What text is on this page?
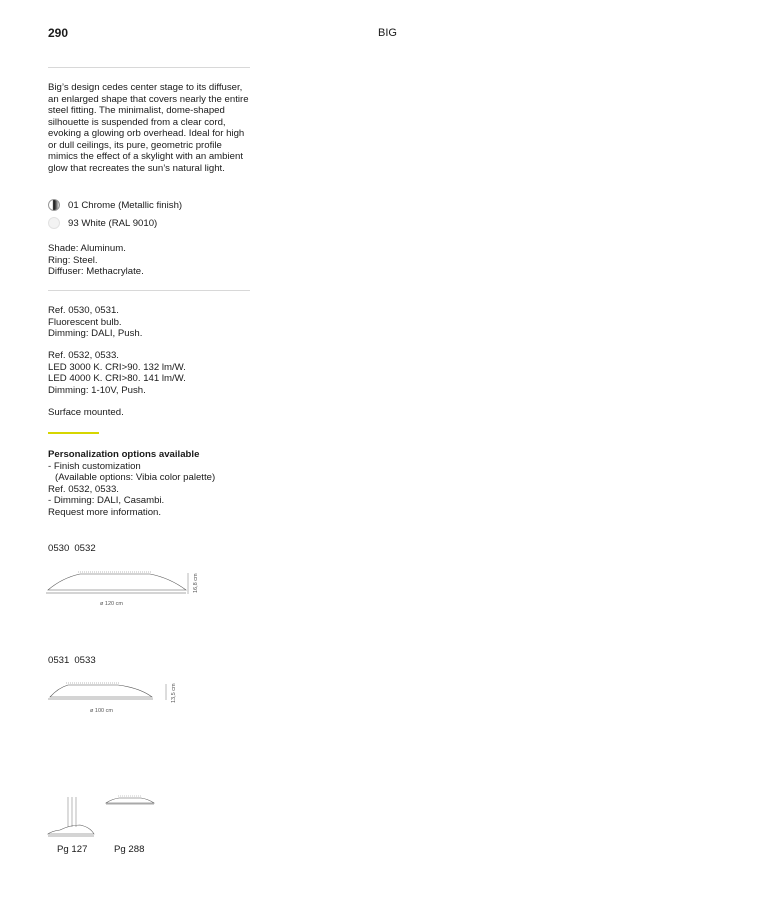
290	BIG
Big’s design cedes center stage to its diffuser, an enlarged shape that covers nearly the entire steel fitting. The minimalist, dome-shaped silhouette is suspended from a clear cord, evoking a glowing orb overhead. Ideal for high or dull ceilings, its pure, geometric profile mimics the effect of a skylight with an ambient glow that recreates the sun’s natural light.
01 Chrome (Metallic finish)
93 White (RAL 9010)

Shade: Aluminum.

Ring: Steel.

Diffuser: Methacrylate.

Ref. 0530, 0531.

Fluorescent bulb.

Dimming: DALI, Push.

Ref. 0532, 0533.

LED 3000 K. CRI>90. 132 lm/W.

LED 4000 K. CRI>80. 141 lm/W.

Dimming: 1-10V, Push.

Surface mounted.

Personalization options available

- Finish customization

(Available options: Vibia color palette)

Ref. 0532, 0533.

- Dimming: DALI, Casambi.

Request more information.

0530 0532
16,8 cm
ø 120 cm
0531 0533
13,5 cm
ø 100 cm
Pg 127	Pg 288
